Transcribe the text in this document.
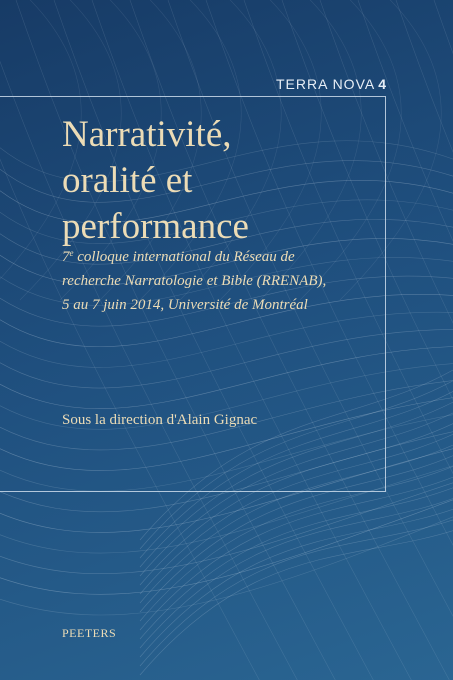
TERRA NOVA 4
Narrativité,
oralité et
performance
7e colloque international du Réseau de
recherche Narratologie et Bible (RRENAB),
5 au 7 juin 2014, Université de Montréal
Sous la direction d'Alain Gignac
PEETERS
